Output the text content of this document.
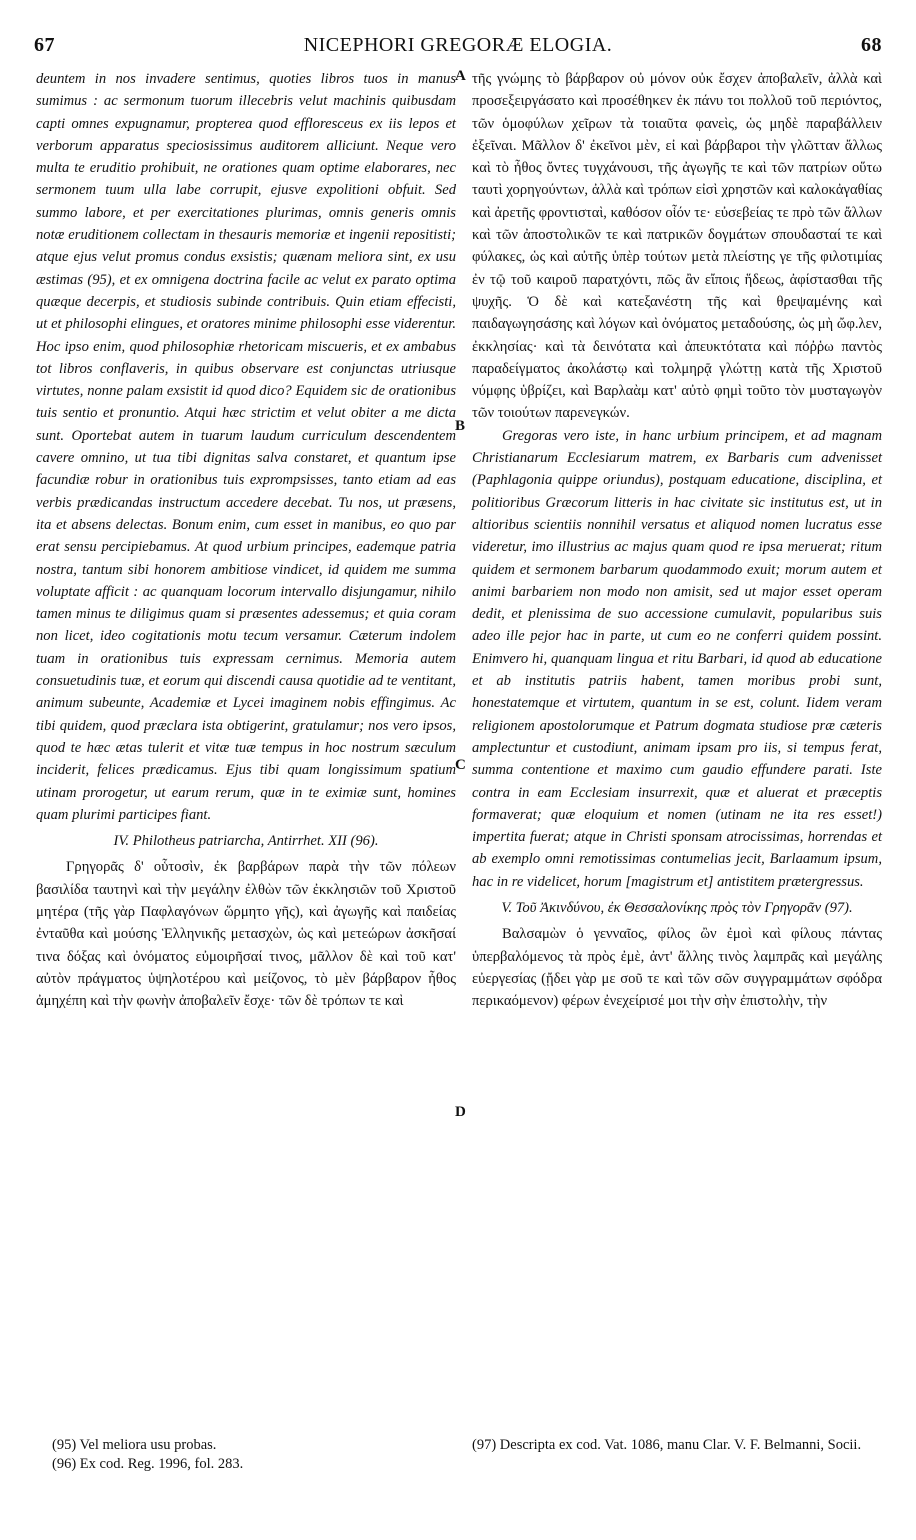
67	NICEPHORI GREGORÆ ELOGIA.	68
A
B
C
D

deuntem in nos invadere sentimus, quoties libros tuos in manus sumimus : ac sermonum tuorum illecebris velut machinis quibusdam capti omnes expugnamur, propterea quod effloresceus ex iis lepos et verborum apparatus speciosissimus auditorem alliciunt. Neque vero multa te eruditio prohibuit, ne orationes quam optime elaborares, nec sermonem tuum ulla labe corrupit, ejusve expolitioni obfuit. Sed summo labore, et per exercitationes plurimas, omnis generis omnis notæ eruditionem collectam in thesauris memoriæ et ingenii repositisti; atque ejus velut promus condus exsistis; quænam meliora sint, ex usu æstimas (95), et ex omnigena doctrina facile ac velut ex parato optima quæque decerpis, et studiosis subinde contribuis. Quin etiam effecisti, ut et philosophi elingues, et oratores minime philosophi esse viderentur. Hoc ipso enim, quod philosophiæ rhetoricam miscueris, et ex ambabus tot libros conflaveris, in quibus observare est conjunctas utriusque virtutes, nonne palam exsistit id quod dico? Equidem sic de orationibus tuis sentio et pronuntio. Atqui hæc strictim et velut obiter a me dicta sunt. Oportebat autem in tuarum laudum curriculum descendentem cavere omnino, ut tua tibi dignitas salva constaret, et quantum ipse facundiæ robur in orationibus tuis exprompsisses, tanto etiam ad eas verbis prædicandas instructum accedere decebat. Tu nos, ut præsens, ita et absens delectas. Bonum enim, cum esset in manibus, eo quo par erat sensu percipiebamus. At quod urbium principes, eademque patria nostra, tantum sibi honorem ambitiose vindicet, id quidem me summa voluptate afficit : ac quanquam locorum intervallo disjungamur, nihilo tamen minus te diligimus quam si præsentes adessemus; et quia coram non licet, ideo cogitationis motu tecum versamur. Cæterum indolem tuam in orationibus tuis expressam cernimus. Memoria autem consuetudinis tuæ, et eorum qui discendi causa quotidie ad te ventitant, animum subeunte, Academiæ et Lycei imaginem nobis effingimus. Ac tibi quidem, quod præclara ista obtigerint, gratulamur; nos vero ipsos, quod te hæc ætas tulerit et vitæ tuæ tempus in hoc nostrum sæculum inciderit, felices prædicamus. Ejus tibi quam longissimum spatium utinam prorogetur, ut earum rerum, quæ in te eximiæ sunt, homines quam plurimi participes fiant.

IV. Philotheus patriarcha, Antirrhet. XII (96).

Γρηγορᾶς δ' οὗτοσὶν, ἐκ βαρβάρων παρὰ τὴν τῶν πόλεων βασιλίδα ταυτηνὶ καὶ τὴν μεγάλην ἐλθὼν τῶν ἐκκλησιῶν τοῦ Χριστοῦ μητέρα (τῆς γὰρ Παφλαγόνων ὥρμητο γῆς), καὶ ἀγωγῆς καὶ παιδείας ἐνταῦθα καὶ μούσης Ἑλληνικῆς μετασχὼν, ὡς καὶ μετεώρων ἀσκῆσαί τινα δόξας καὶ ὀνόματος εὐμοιρῆσαί τινος, μᾶλλον δὲ καὶ τοῦ κατ' αὐτὸν πράγματος ὑψηλοτέρου καὶ μείζονος, τὸ μὲν βάρβαρον ἦθος ἀμηχέπη καὶ τὴν φωνὴν ἀποβαλεῖν ἔσχε· τῶν δὲ τρόπων τε καὶ

τῆς γνώμης τὸ βάρβαρον οὐ μόνον οὐκ ἔσχεν ἀποβαλεῖν, ἀλλὰ καὶ προσεξειργάσατο καὶ προσέθηκεν ἐκ πάνυ τοι πολλοῦ τοῦ περιόντος, τῶν ὁμοφύλων χεῖρων τὰ τοιαῦτα φανεὶς, ὡς μηδὲ παραβάλλειν ἐξεῖναι. Μᾶλλον δ' ἐκεῖνοι μὲν, εἰ καὶ βάρβαροι τὴν γλῶτταν ἄλλως καὶ τὸ ἦθος ὄντες τυγχάνουσι, τῆς ἀγωγῆς τε καὶ τῶν πατρίων οὕτω ταυτὶ χορηγούντων, ἀλλὰ καὶ τρόπων εἰσὶ χρηστῶν καὶ καλοκἀγαθίας καὶ ἀρετῆς φροντισταὶ, καθόσον οἷόν τε· εὐσεβείας τε πρὸ τῶν ἄλλων καὶ τῶν ἀποστολικῶν τε καὶ πατρικῶν δογμάτων σπουδασταί τε καὶ φύλακες, ὡς καὶ αὐτῆς ὑπὲρ τούτων μετὰ πλείστης γε τῆς φιλοτιμίας ἐν τῷ τοῦ καιροῦ παρατχόντι, πῶς ἂν εἴποις ἥδεως, ἀφίστασθαι τῆς ψυχῆς. Ὁ δὲ καὶ κατεξανέστη τῆς καὶ θρεψαμένης καὶ παιδαγωγησάσης καὶ λόγων καὶ ὀνόματος μεταδούσης, ὡς μὴ ὤφ.λεν, ἐκκλησίας· καὶ τὰ δεινότατα καὶ ἀπευκτότατα καὶ πόῤῥω παντὸς παραδείγματος ἀκολάστῳ καὶ τολμηρᾷ γλώττῃ κατὰ τῆς Χριστοῦ νύμφης ὑβρίζει, καὶ Βαρλαὰμ κατ' αὐτὸ φημὶ τοῦτο τὸν μυσταγωγὸν τῶν τοιούτων παρενεγκών.

Gregoras vero iste, in hanc urbium principem, et ad magnam Christianarum Ecclesiarum matrem, ex Barbaris cum advenisset (Paphlagonia quippe oriundus), postquam educatione, disciplina, et politioribus Græcorum litteris in hac civitate sic institutus est, ut in altioribus scientiis nonnihil versatus et aliquod nomen lucratus esse videretur, imo illustrius ac majus quam quod re ipsa meruerat; ritum quidem et sermonem barbarum quodammodo exuit; morum autem et animi barbariem non modo non amisit, sed ut major esset operam dedit, et plenissima de suo accessione cumulavit, popularibus suis adeo ille pejor hac in parte, ut cum eo ne conferri quidem possint. Enimvero hi, quanquam lingua et ritu Barbari, id quod ab educatione et ab institutis patriis habent, tamen moribus probi sunt, honestatemque et virtutem, quantum in se est, colunt. Iidem veram religionem apostolorumque et Patrum dogmata studiose præ cæteris amplectuntur et custodiunt, animam ipsam pro iis, si tempus ferat, summa contentione et maximo cum gaudio effundere parati. Iste contra in eam Ecclesiam insurrexit, quæ et aluerat et præceptis formaverat; quæ eloquium et nomen (utinam ne ita res esset!) impertita fuerat; atque in Christi sponsam atrocissimas, horrendas et ab exemplo omni remotissimas contumelias jecit, Barlaamum ipsum, hac in re videlicet, horum [magistrum et] antistitem prætergressus.

V. Τοῦ Ἀκινδύνου, ἐκ Θεσσαλονίκης πρὸς τὸν Γρηγορᾶν (97).

Βαλσαμὼν ὁ γενναῖος, φίλος ὢν ἐμοὶ καὶ φίλους πάντας ὑπερβαλόμενος τὰ πρὸς ἐμὲ, ἀντ' ἄλλης τινὸς λαμπρᾶς καὶ μεγάλης εὐεργεσίας (ᾔδει γὰρ με σοῦ τε καὶ τῶν σῶν συγγραμμάτων σφόδρα περικαόμενον) φέρων ἐνεχείρισέ μοι τὴν σὴν ἐπιστολὴν, τὴν

(95) Vel meliora usu probas.

(96) Ex cod. Reg. 1996, fol. 283.

(97) Descripta ex cod. Vat. 1086, manu Clar. V. F. Belmanni, Socii.
